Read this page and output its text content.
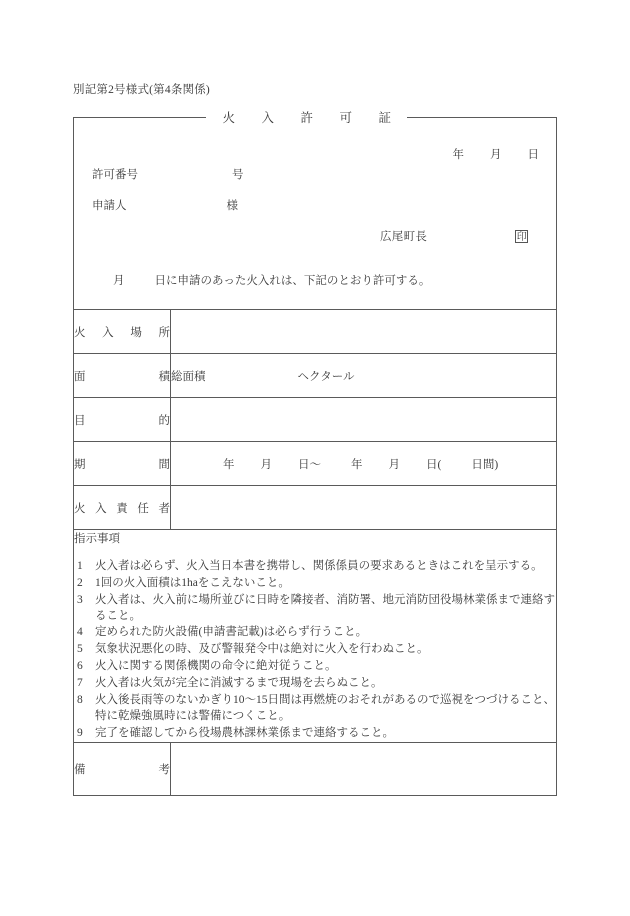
別記第2号様式(第4条関係)
火　入　許　可　証
年 月 日
許可番号	号
申請人	様
広尾町長	印
月	日に申請のあった火入れは、下記のとおり許可する。
火入場所	

面積	総面積 ヘクタール

目的	

期間	年 月 日〜 年 月 日( 日間)

火入責任者	

指示事項
1 火入者は必らず、火入当日本書を携帯し、関係係員の要求あるときはこれを呈示する。
2 1回の火入面積は1haをこえないこと。
3 火入者は、火入前に場所並びに日時を隣接者、消防署、地元消防団役場林業係まで連絡すること。
4 定められた防火設備(申請書記載)は必らず行うこと。
5 気象状況悪化の時、及び警報発令中は絶対に火入を行わぬこと。
6 火入に関する関係機関の命令に絶対従うこと。
7 火入者は火気が完全に消滅するまで現場を去らぬこと。
8 火入後長雨等のないかぎり10〜15日間は再燃焼のおそれがあるので巡視をつづけること、特に乾燥強風時には警備につくこと。
9 完了を確認してから役場農林課林業係まで連絡すること。

備考	
